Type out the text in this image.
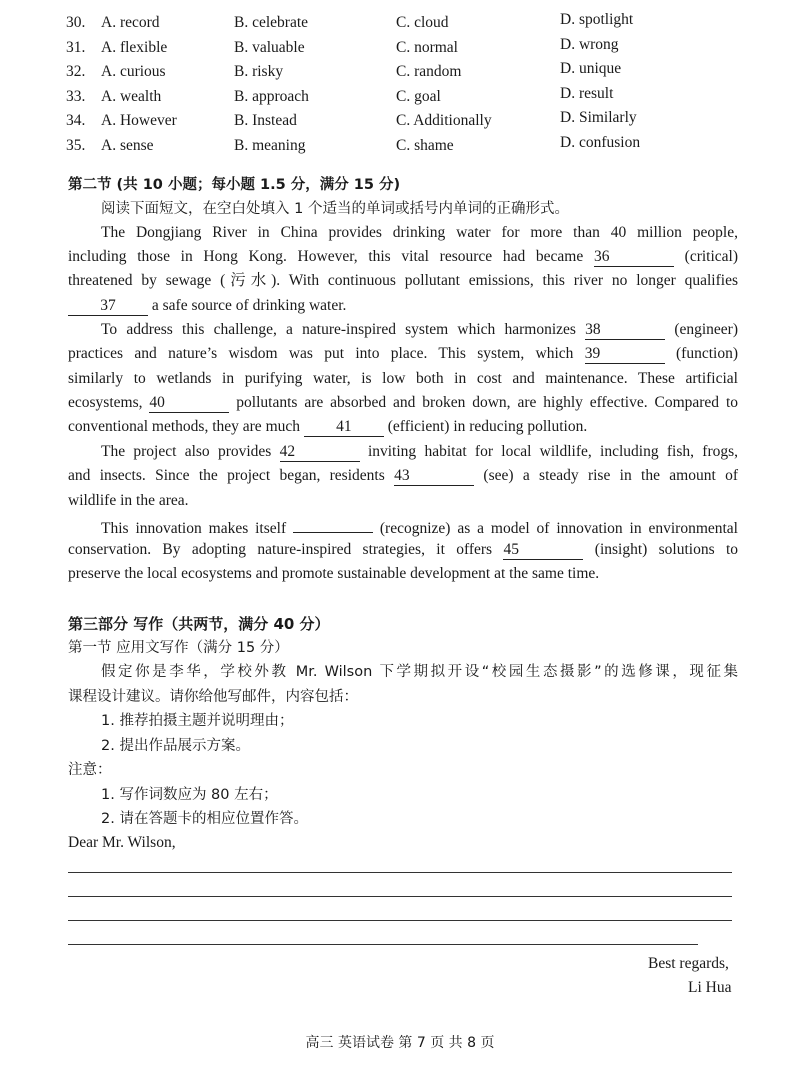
30. A. record	B. celebrate	C. cloud	D. spotlight
31. A. flexible	B. valuable	C. normal	D. wrong
32. A. curious	B. risky	C. random	D. unique
33. A. wealth	B. approach	C. goal	D. result
34. A. However	B. Instead	C. Additionally	D. Similarly
35. A. sense	B. meaning	C. shame	D. confusion
第二节 (共 10 小题；每小题 1.5 分，满分 15 分)
阅读下面短文，在空白处填入 1 个适当的单词或括号内单词的正确形式。
The Dongjiang River in China provides drinking water for more than 40 million people,
including those in Hong Kong. However, this vital resource had became 36	(critical)
threatened by sewage (污水). With continuous pollutant emissions, this river no longer qualifies
37 a safe source of drinking water.
To address this challenge, a nature-inspired system which harmonizes 38	(engineer)
practices and nature’s wisdom was put into place. This system, which 39	(function)
similarly to wetlands in purifying water, is low both in cost and maintenance. These artificial
ecosystems, 40	pollutants are absorbed and broken down, are highly effective. Compared to
conventional methods, they are much 41 (efficient) in reducing pollution.
The project also provides 42	inviting habitat for local wildlife, including fish, frogs,
and insects. Since the project began, residents 43	(see) a steady rise in the amount of
wildlife in the area.
This innovation makes itself	(recognize) as a model of innovation in environmental
conservation. By adopting nature-inspired strategies, it offers 45	(insight) solutions to
preserve the local ecosystems and promote sustainable development at the same time.
第三部分 写作（共两节，满分 40 分）
第一节 应用文写作（满分 15 分）
假定你是李华，学校外教 Mr. Wilson 下学期拟开设“校园生态摄影”的选修课，现征集
课程设计建议。请你给他写邮件，内容包括：
1. 推荐拍摄主题并说明理由；
2. 提出作品展示方案。
注意：
1. 写作词数应为 80 左右；
2. 请在答题卡的相应位置作答。
Dear Mr. Wilson,
Best regards,
Li Hua
高三 英语试卷 第 7 页 共 8 页
